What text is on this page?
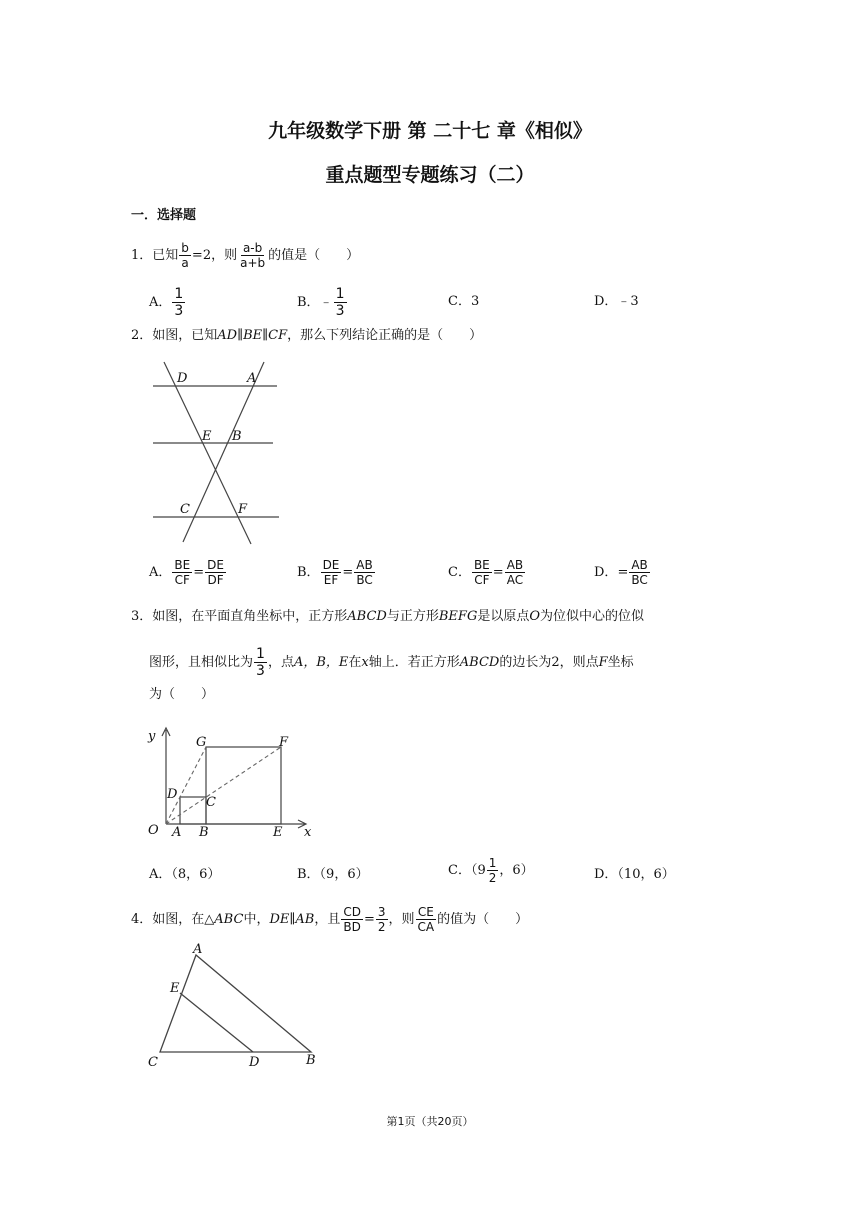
九年级数学下册 第 二十七 章《相似》
重点题型专题练习（二）
一．选择题
1．已知 $\frac{b}{a} =2$，则 $\frac{a-b}{a+b}$ 的值是（　　）
A． $\frac{1}{3}$	B．﹣ $\frac{1}{3}$	C．3	D．﹣3
2．如图，已知AD∥BE∥CF，那么下列结论正确的是（　　）
D	A
E B
C	F
A． $\frac{BE}{CF} = \frac{DE}{DF}$	B． $\frac{DE}{EF} = \frac{AB}{BC}$	C． $\frac{BE}{CF} = \frac{AB}{AC}$	D．= $\frac{AB}{BC}$
3．如图，在平面直角坐标中，正方形ABCD与正方形BEFG是以原点O为位似中心的位似
图形，且相似比为 $\frac{1}{3}$ ，点A，B，E在x轴上．若正方形ABCD的边长为2，则点F坐标
为（　　）
y	G	F
D
C
O A B	E x
A．（8，6）	B．（9，6）	C．（$9 \frac{1}{2}$ ，6）	D．（10，6）
4．如图，在△ABC中，DE∥AB，且 $\frac{CD}{BD} = \frac{3}{2}$ ，则 $\frac{CE}{CA}$ 的值为（　　）
A
E
C	D	B
第1页（共20页）
